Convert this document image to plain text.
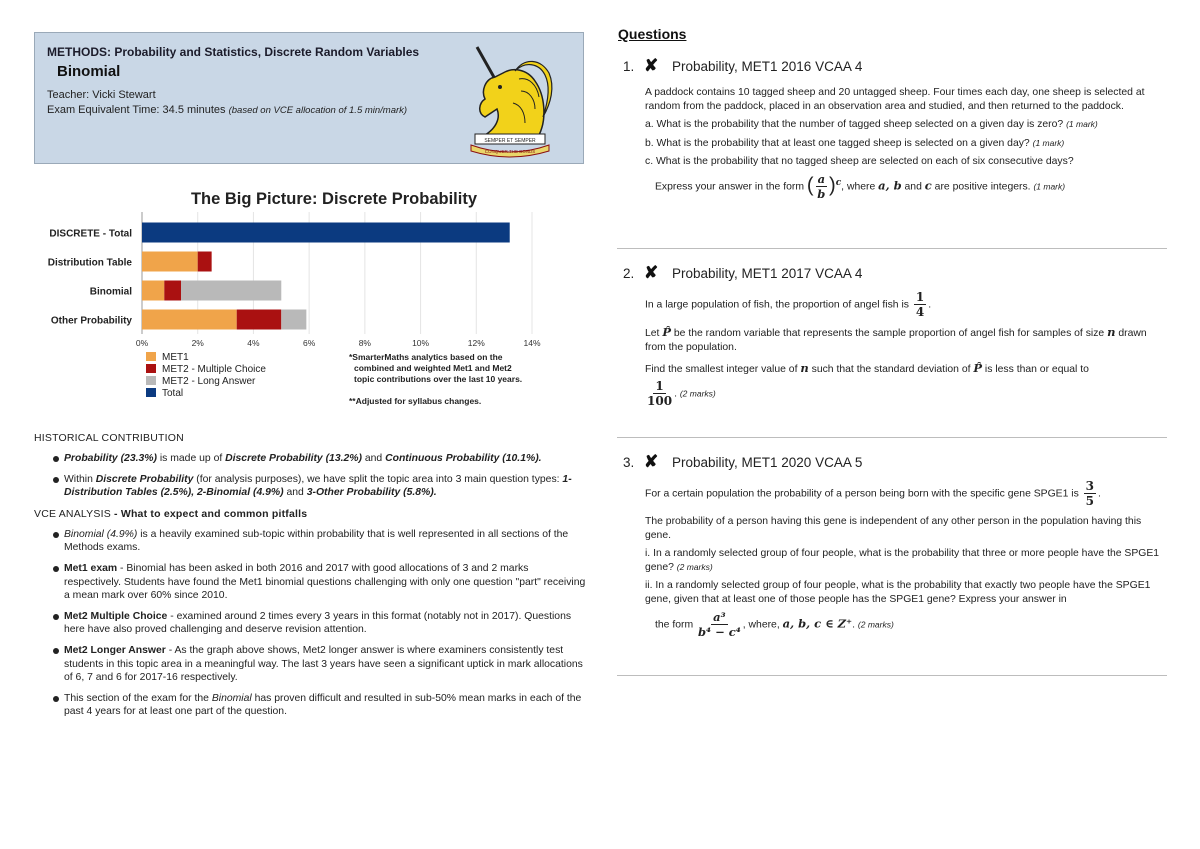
METHODS: Probability and Statistics, Discrete Random Variables
Binomial
Teacher: Vicki Stewart
Exam Equivalent Time: 34.5 minutes (based on VCE allocation of 1.5 min/mark)
SEMPER ET SEMPER
CONQUER THE BONDS
The Big Picture: Discrete Probability
0%	2%	4%	6%	8%	10%	12%	14%
DISCRETE - Total
Distribution Table
Binomial
Other Probability
MET1
MET2 - Multiple Choice
MET2 - Long Answer
Total
*SmarterMaths analytics based on the
combined and weighted Met1 and Met2
topic contributions over the last 10 years.
**Adjusted for syllabus changes.
HISTORICAL CONTRIBUTION
Probability (23.3%) is made up of Discrete Probability (13.2%) and Continuous Probability (10.1%).
Within Discrete Probability (for analysis purposes), we have split the topic area into 3 main question types: 1-Distribution Tables (2.5%), 2-Binomial (4.9%) and 3-Other Probability (5.8%).
VCE ANALYSIS - What to expect and common pitfalls
Binomial (4.9%) is a heavily examined sub-topic within probability that is well represented in all sections of the Methods exams.
Met1 exam - Binomial has been asked in both 2016 and 2017 with good allocations of 3 and 2 marks respectively. Students have found the Met1 binomial questions challenging with only one question "part" receiving a mean mark over 60% since 2010.
Met2 Multiple Choice - examined around 2 times every 3 years in this format (notably not in 2017). Questions here have also proved challenging and deserve revision attention.
Met2 Longer Answer - As the graph above shows, Met2 longer answer is where examiners consistently test students in this topic area in a meaningful way. The last 3 years have seen a significant uptick in mark allocations of 6, 7 and 6 for 2017-16 respectively.
This section of the exam for the Binomial has proven difficult and resulted in sub-50% mean marks in each of the past 4 years for at least one part of the question.
Questions
1. ✘	Probability, MET1 2016 VCAA 4

A paddock contains 10 tagged sheep and 20 untagged sheep. Four times each day, one sheep is selected at random from the paddock, placed in an observation area and studied, and then returned to the paddock.

a. What is the probability that the number of tagged sheep selected on a given day is zero? (1 mark)
b. What is the probability that at least one tagged sheep is selected on a given day? (1 mark)
c. What is the probability that no tagged sheep are selected on each of six consecutive days?
Express your answer in the form ( $\frac{a}{b} )^c$, where a, b and c are positive integers. (1 mark)
2. ✘	Probability, MET1 2017 VCAA 4

In a large population of fish, the proportion of angel fish is $\frac{1}{4}$ .

Let P̂ be the random variable that represents the sample proportion of angel fish for samples of size n drawn from the population.

Find the smallest integer value of n such that the standard deviation of P̂ is less than or equal to

$\frac{1}{100}$ . (2 marks)
3. ✘	Probability, MET1 2020 VCAA 5

For a certain population the probability of a person being born with the specific gene SPGE1 is $\frac{3}{5}$ .

The probability of a person having this gene is independent of any other person in the population having this gene.

i. In a randomly selected group of four people, what is the probability that three or more people have the SPGE1 gene? (2 marks)
ii. In a randomly selected group of four people, what is the probability that exactly two people have the SPGE1 gene, given that at least one of those people has the SPGE1 gene? Express your answer in
the form $\frac{\text{a³}}{\text{b⁴ − c⁴}}$ , where, a, b, c ∈ Z⁺. (2 marks)
